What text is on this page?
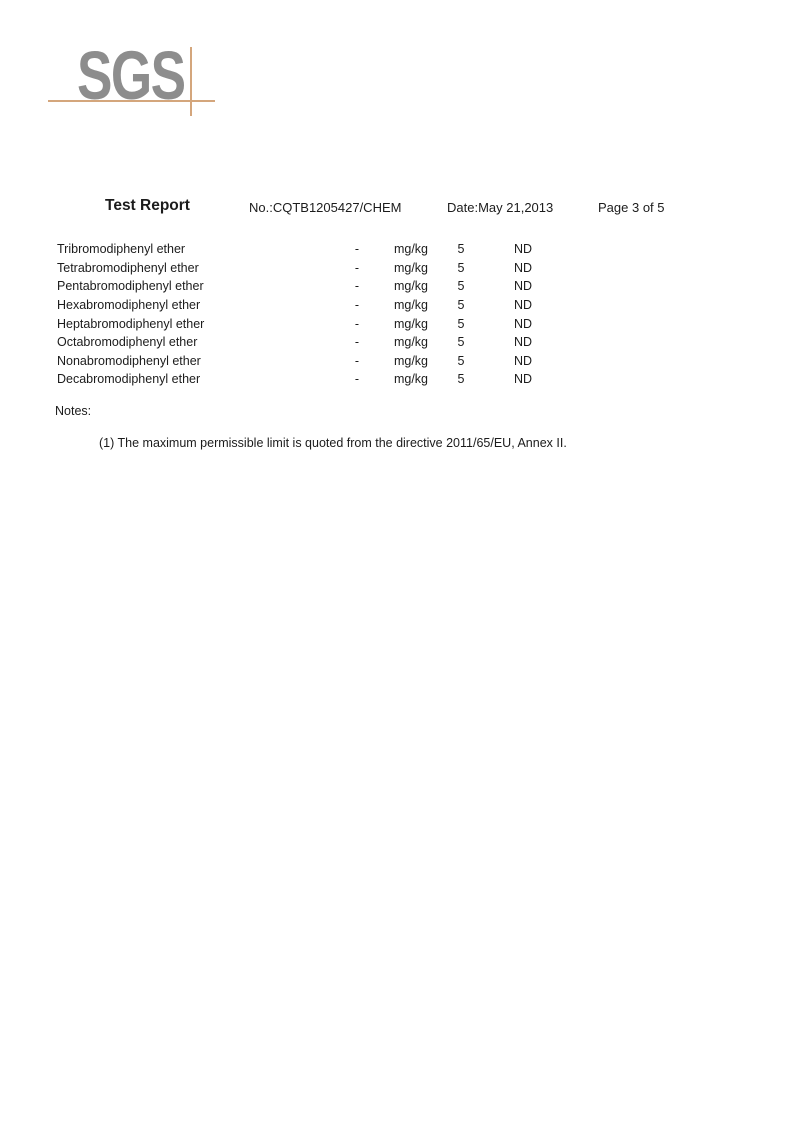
SGS
Test Report	No.:CQTB1205427/CHEM	Date:May 21,2013	Page 3 of 5
Tribromodiphenyl ether	-	mg/kg	5	ND
Tetrabromodiphenyl ether	-	mg/kg	5	ND
Pentabromodiphenyl ether	-	mg/kg	5	ND
Hexabromodiphenyl ether	-	mg/kg	5	ND
Heptabromodiphenyl ether	-	mg/kg	5	ND
Octabromodiphenyl ether	-	mg/kg	5	ND
Nonabromodiphenyl ether	-	mg/kg	5	ND
Decabromodiphenyl ether	-	mg/kg	5	ND
Notes:
(1) The maximum permissible limit is quoted from the directive 2011/65/EU, Annex II.
